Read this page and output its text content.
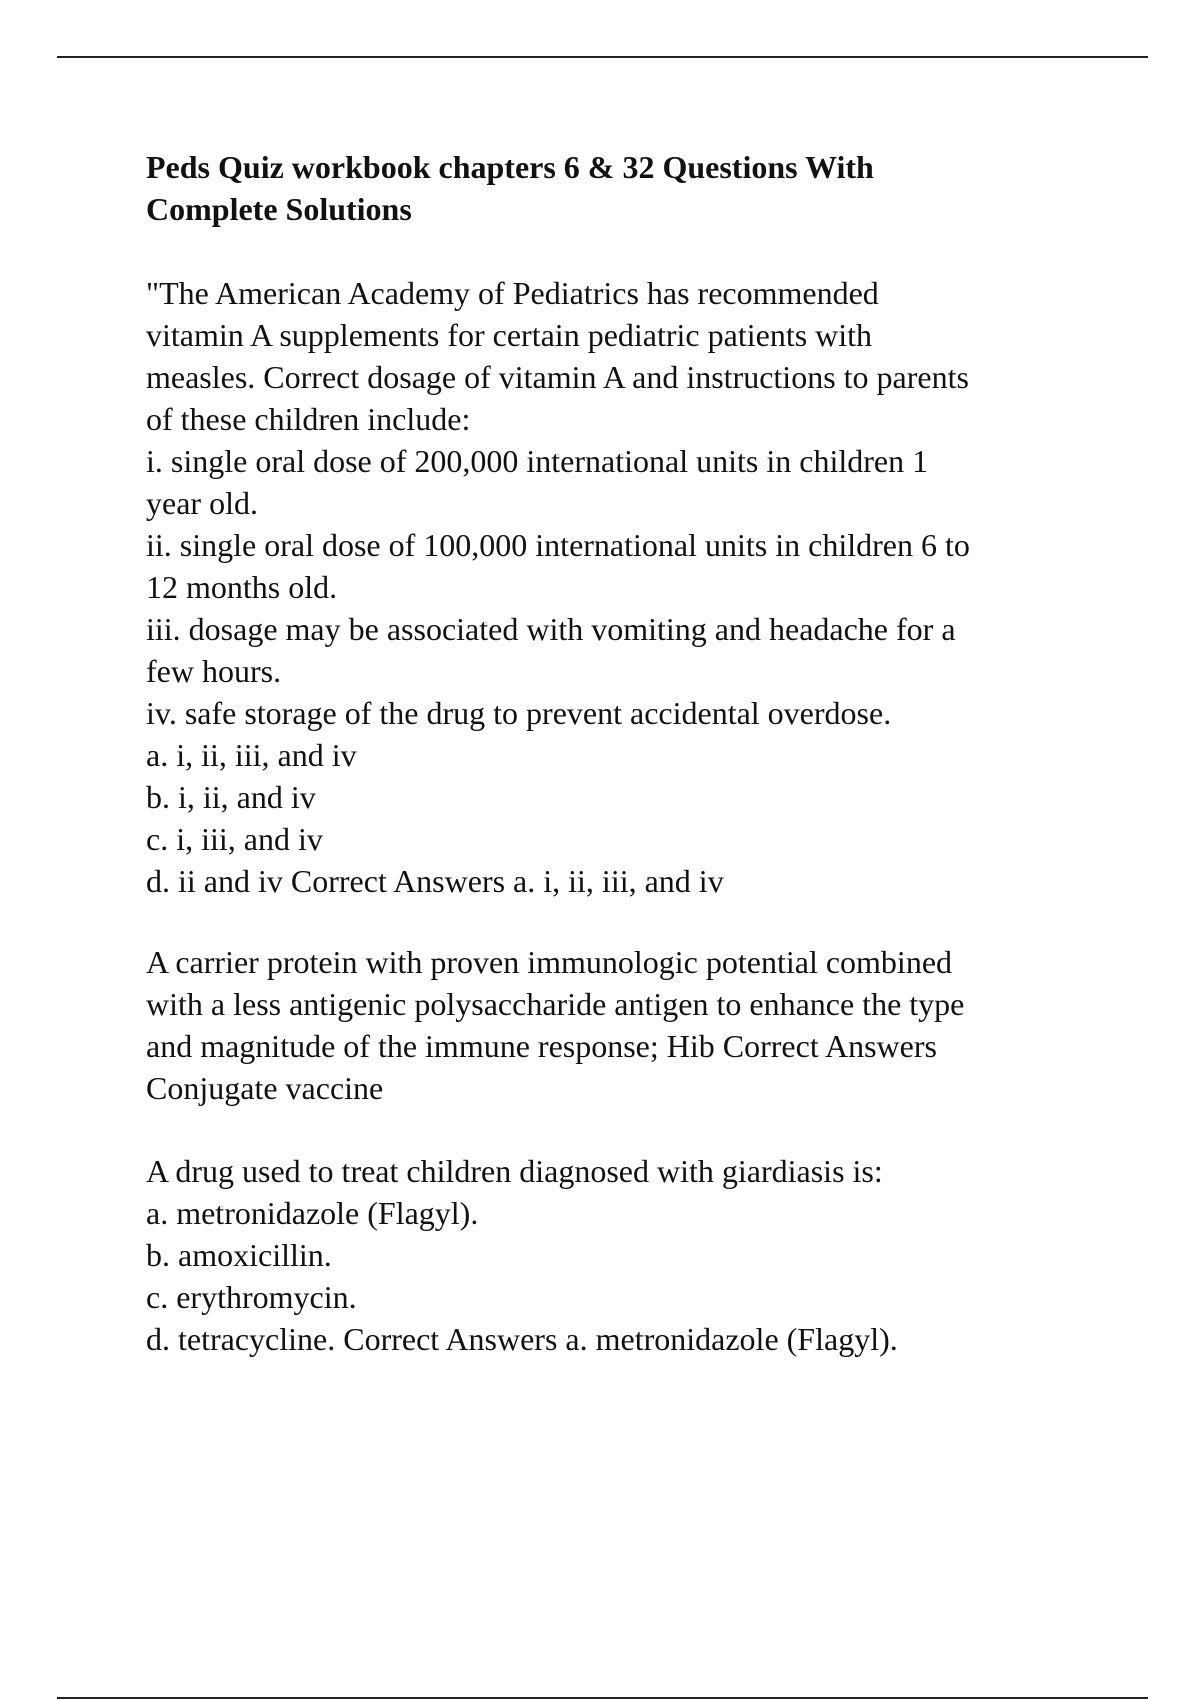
Peds Quiz workbook chapters 6 & 32 Questions With
Complete Solutions
"The American Academy of Pediatrics has recommended
vitamin A supplements for certain pediatric patients with
measles. Correct dosage of vitamin A and instructions to parents
of these children include:
i. single oral dose of 200,000 international units in children 1
year old.
ii. single oral dose of 100,000 international units in children 6 to
12 months old.
iii. dosage may be associated with vomiting and headache for a
few hours.
iv. safe storage of the drug to prevent accidental overdose.
a. i, ii, iii, and iv
b. i, ii, and iv
c. i, iii, and iv
d. ii and iv Correct Answers a. i, ii, iii, and iv
A carrier protein with proven immunologic potential combined
with a less antigenic polysaccharide antigen to enhance the type
and magnitude of the immune response; Hib Correct Answers
Conjugate vaccine
A drug used to treat children diagnosed with giardiasis is:
a. metronidazole (Flagyl).
b. amoxicillin.
c. erythromycin.
d. tetracycline. Correct Answers a. metronidazole (Flagyl).
